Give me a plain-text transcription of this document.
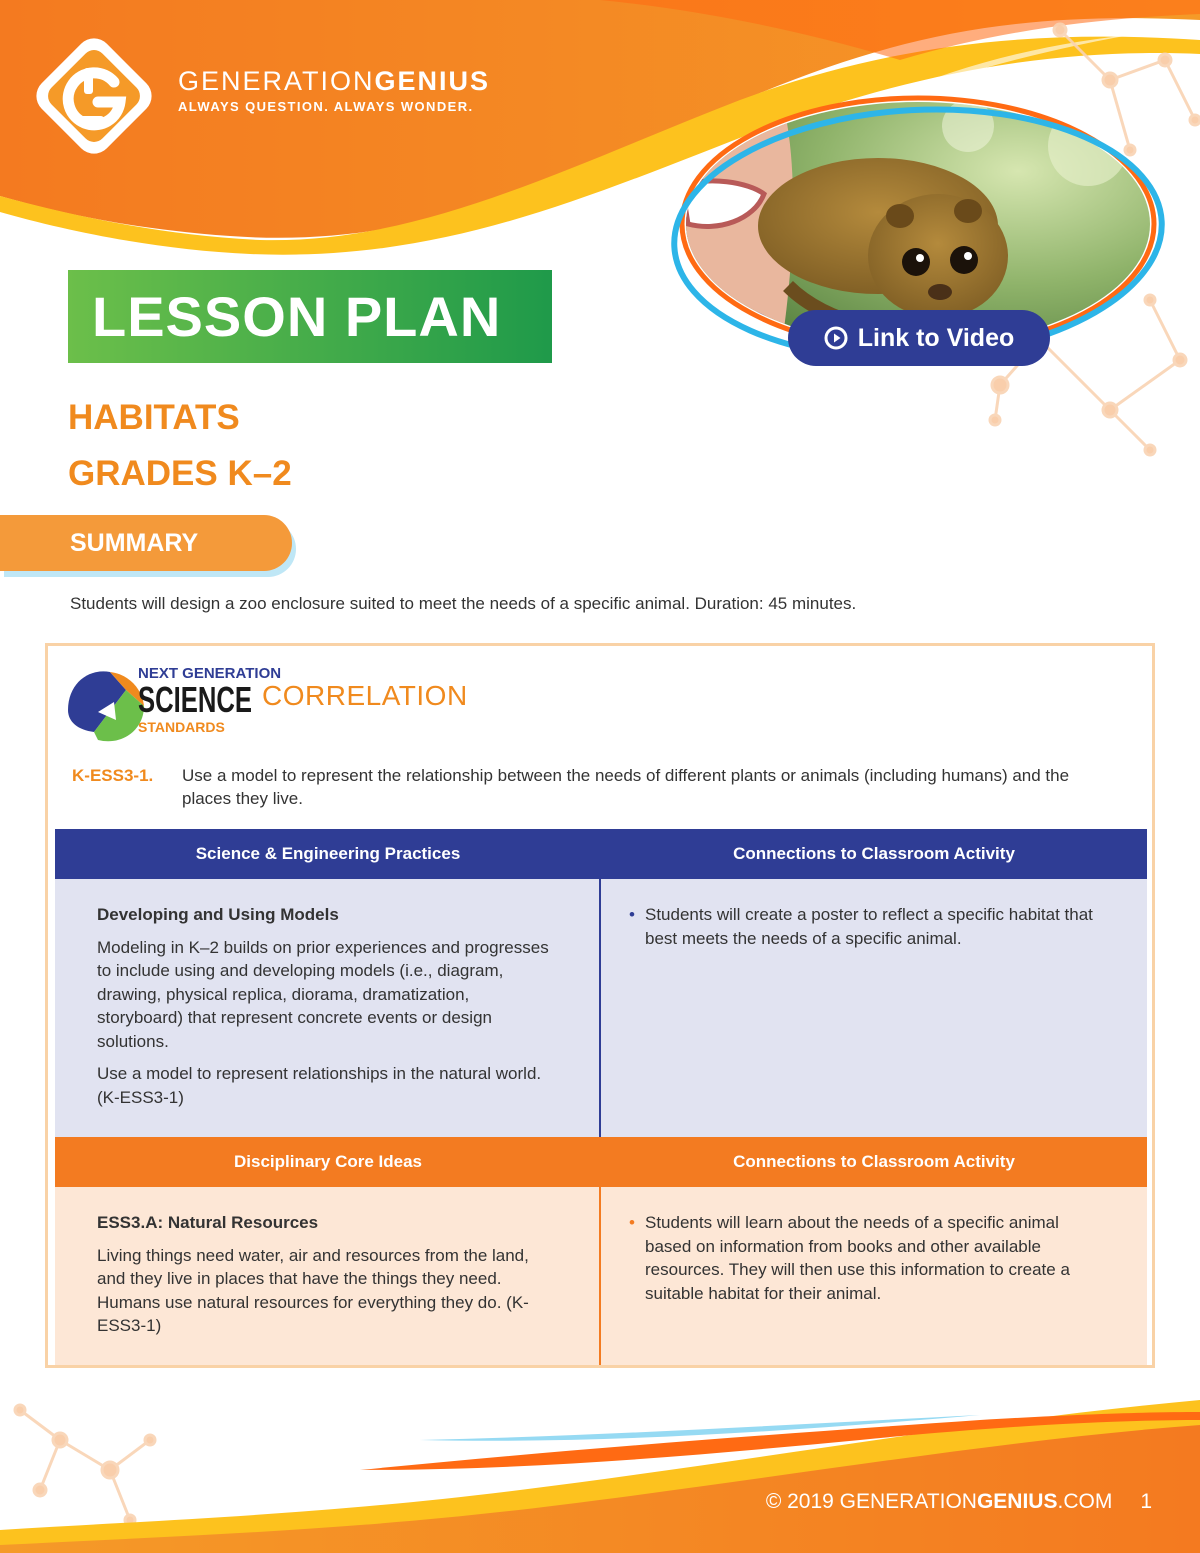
GENERATIONGENIUS
ALWAYS QUESTION. ALWAYS WONDER.
Link to Video
LESSON PLAN
HABITATS
GRADES K–2
SUMMARY
Students will design a zoo enclosure suited to meet the needs of a specific animal. Duration: 45 minutes.
NEXT GENERATION
SCIENCE
STANDARDS
CORRELATION
K-ESS3-1. Use a model to represent the relationship between the needs of different plants or animals (including humans) and the places they live.
Science & Engineering Practices	Connections to Classroom Activity
Developing and Using Models

Modeling in K–2 builds on prior experiences and progresses to include using and developing models (i.e., diagram, drawing, physical replica, diorama, dramatization, storyboard) that represent concrete events or design solutions.

Use a model to represent relationships in the natural world. (K-ESS3-1)

• Students will create a poster to reflect a specific habitat that best meets the needs of a specific animal.
Disciplinary Core Ideas	Connections to Classroom Activity
ESS3.A: Natural Resources

Living things need water, air and resources from the land, and they live in places that have the things they need. Humans use natural resources for everything they do. (K-ESS3-1)

• Students will learn about the needs of a specific animal based on information from books and other available resources. They will then use this information to create a suitable habitat for their animal.
© 2019 GENERATIONGENIUS.COM 1
